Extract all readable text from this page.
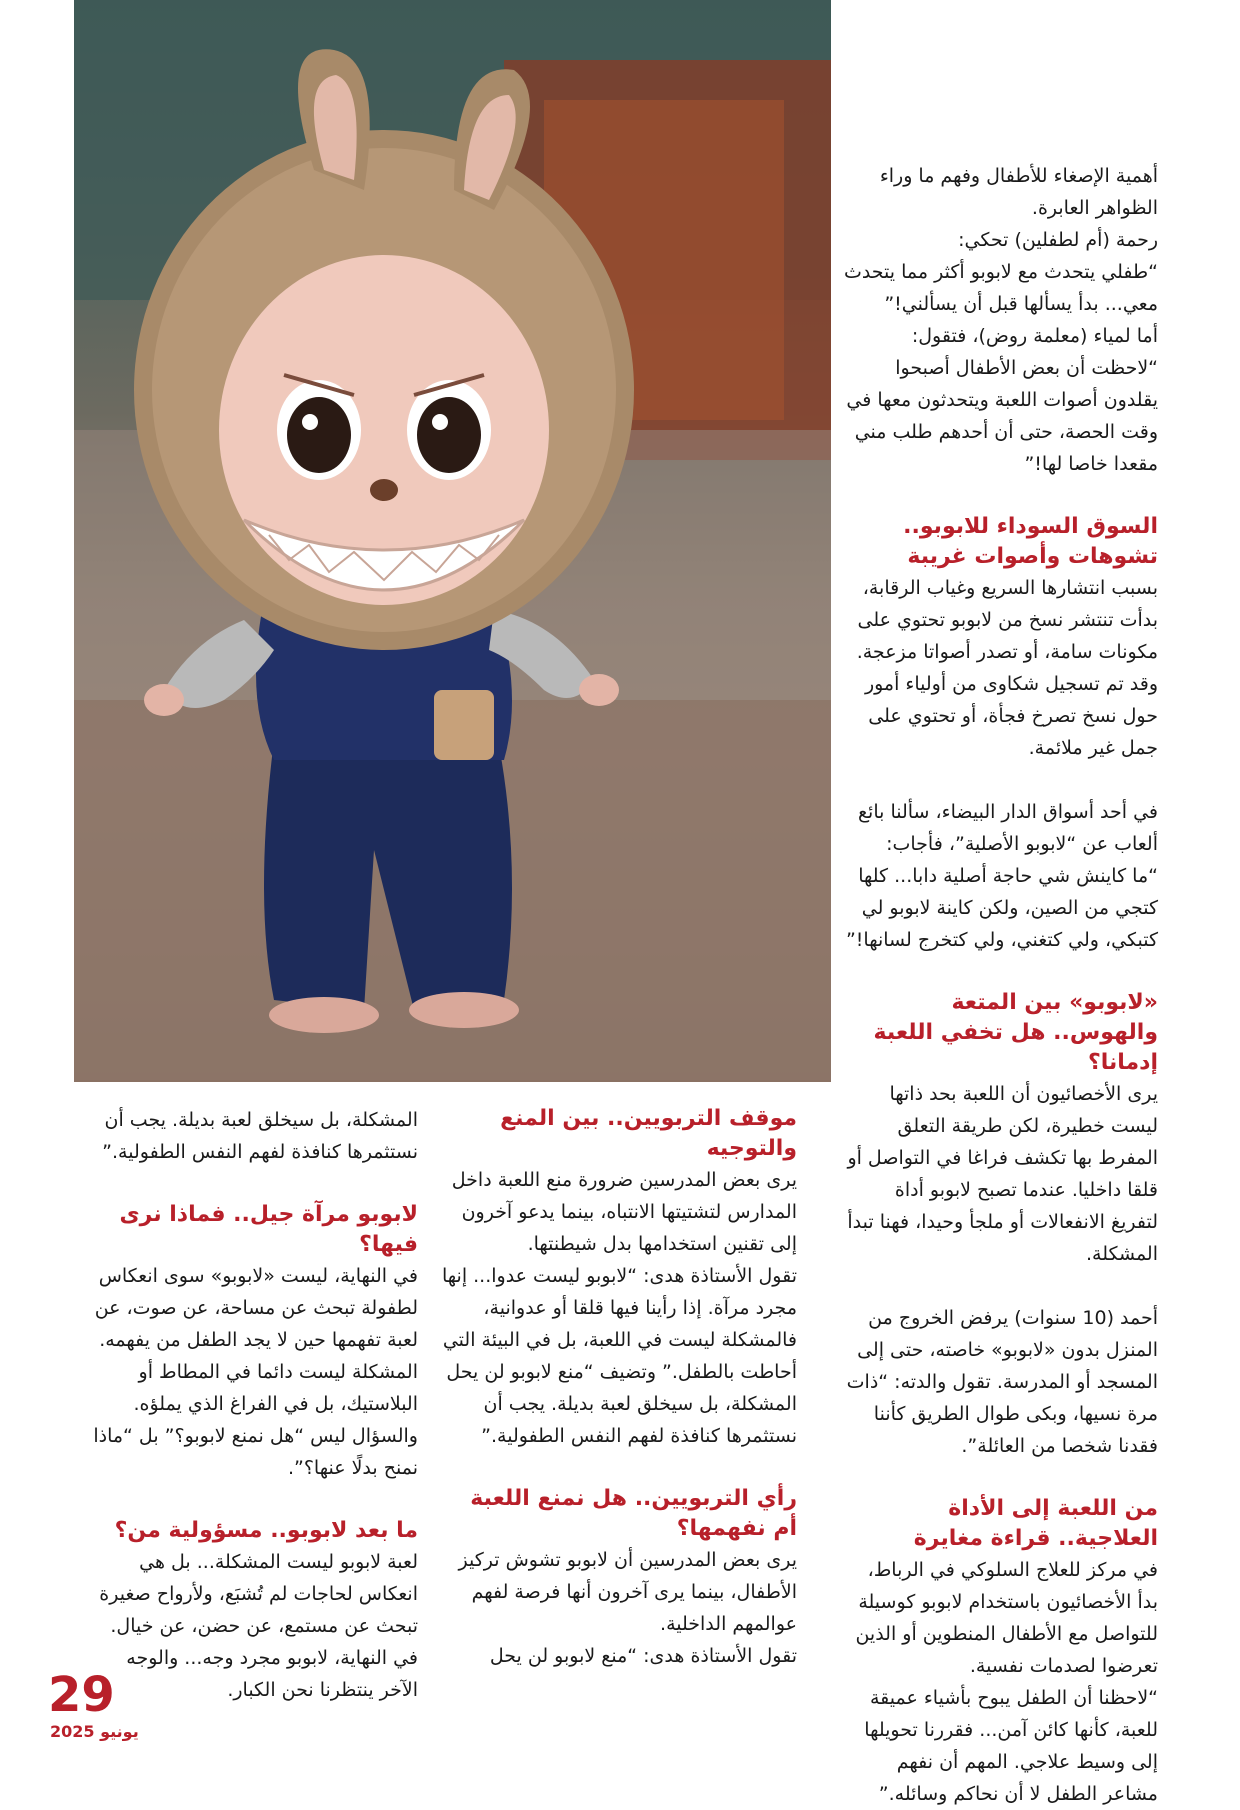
أهمية الإصغاء للأطفال وفهم ما وراء الظواهر العابرة.

رحمة (أم لطفلين) تحكي:

“طفلي يتحدث مع لابوبو أكثر مما يتحدث معي... بدأ يسألها قبل أن يسألني!”

أما لمياء (معلمة روض)، فتقول:

“لاحظت أن بعض الأطفال أصبحوا يقلدون أصوات اللعبة ويتحدثون معها في وقت الحصة، حتى أن أحدهم طلب مني مقعدا خاصا لها!”

السوق السوداء للابوبو.. تشوهات وأصوات غريبة

بسبب انتشارها السريع وغياب الرقابة، بدأت تنتشر نسخ من لابوبو تحتوي على مكونات سامة، أو تصدر أصواتا مزعجة. وقد تم تسجيل شكاوى من أولياء أمور حول نسخ تصرخ فجأة، أو تحتوي على جمل غير ملائمة.

في أحد أسواق الدار البيضاء، سألنا بائع ألعاب عن “لابوبو الأصلية”، فأجاب:

“ما كاينش شي حاجة أصلية دابا... كلها كتجي من الصين، ولكن كاينة لابوبو لي كتبكي، ولي كتغني، ولي كتخرج لسانها!”

«لابوبو» بين المتعة والهوس.. هل تخفي اللعبة إدمانا؟

يرى الأخصائيون أن اللعبة بحد ذاتها ليست خطيرة، لكن طريقة التعلق المفرط بها تكشف فراغا في التواصل أو قلقا داخليا. عندما تصبح لابوبو أداة لتفريغ الانفعالات أو ملجأ وحيدا، فهنا تبدأ المشكلة.

أحمد (10 سنوات) يرفض الخروج من المنزل بدون «لابوبو» خاصته، حتى إلى المسجد أو المدرسة. تقول والدته: “ذات مرة نسيها، وبكى طوال الطريق كأننا فقدنا شخصا من العائلة”.

من اللعبة إلى الأداة العلاجية.. قراءة مغايرة

في مركز للعلاج السلوكي في الرباط، بدأ الأخصائيون باستخدام لابوبو كوسيلة للتواصل مع الأطفال المنطوين أو الذين تعرضوا لصدمات نفسية.

“لاحظنا أن الطفل يبوح بأشياء عميقة للعبة، كأنها كائن آمن... فقررنا تحويلها إلى وسيط علاجي. المهم أن نفهم مشاعر الطفل لا أن نحاكم وسائله.”

موقف التربويين.. بين المنع والتوجيه

يرى بعض المدرسين ضرورة منع اللعبة داخل المدارس لتشتيتها الانتباه، بينما يدعو آخرون إلى تقنين استخدامها بدل شيطنتها.

تقول الأستاذة هدى: “لابوبو ليست عدوا... إنها مجرد مرآة. إذا رأينا فيها قلقا أو عدوانية، فالمشكلة ليست في اللعبة، بل في البيئة التي أحاطت بالطفل.” وتضيف “منع لابوبو لن يحل المشكلة، بل سيخلق لعبة بديلة. يجب أن نستثمرها كنافذة لفهم النفس الطفولية.”

رأي التربويين.. هل نمنع اللعبة أم نفهمها؟

يرى بعض المدرسين أن لابوبو تشوش تركيز الأطفال، بينما يرى آخرون أنها فرصة لفهم عوالمهم الداخلية.

تقول الأستاذة هدى: “منع لابوبو لن يحل

المشكلة، بل سيخلق لعبة بديلة. يجب أن نستثمرها كنافذة لفهم النفس الطفولية.”

لابوبو مرآة جيل.. فماذا نرى فيها؟

في النهاية، ليست «لابوبو» سوى انعكاس لطفولة تبحث عن مساحة، عن صوت، عن لعبة تفهمها حين لا يجد الطفل من يفهمه. المشكلة ليست دائما في المطاط أو البلاستيك، بل في الفراغ الذي يملؤه. والسؤال ليس “هل نمنع لابوبو؟” بل “ماذا نمنح بدلًا عنها؟”.

ما بعد لابوبو.. مسؤولية من؟

لعبة لابوبو ليست المشكلة... بل هي انعكاس لحاجات لم تُشبَع، ولأرواح صغيرة تبحث عن مستمع، عن حضن، عن خيال. في النهاية، لابوبو مجرد وجه... والوجه الآخر ينتظرنا نحن الكبار.

29
يونيو 2025
